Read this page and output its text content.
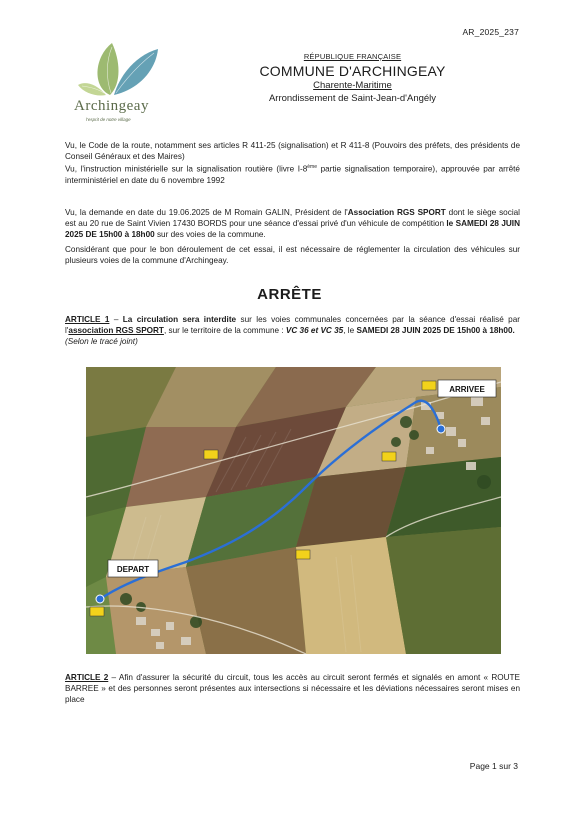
AR_2025_237
Archingeay
l'esprit de notre village
RÉPUBLIQUE FRANÇAISE
COMMUNE D'ARCHINGEAY
Charente-Maritime
Arrondissement de Saint-Jean-d'Angély

Vu, le Code de la route, notamment ses articles R 411-25 (signalisation) et R 411-8 (Pouvoirs des préfets, des présidents de Conseil Généraux et des Maires)

Vu, l'instruction ministérielle sur la signalisation routière (livre I-8ème partie signalisation temporaire), approuvée par arrêté interministériel en date du 6 novembre 1992

Vu, la demande en date du 19.06.2025 de M Romain GALIN, Président de l'Association RGS SPORT dont le siège social est au 20 rue de Saint Vivien 17430 BORDS pour une séance d'essai privé d'un véhicule de compétition le SAMEDI 28 JUIN 2025 DE 15h00 à 18h00 sur des voies de la commune.

Considérant que pour le bon déroulement de cet essai, il est nécessaire de réglementer la circulation des véhicules sur plusieurs voies de la commune d'Archingeay.

ARRÊTE

ARTICLE 1 – La circulation sera interdite sur les voies communales concernées par la séance d'essai réalisé par l'association RGS SPORT, sur le territoire de la commune : VC 36 et VC 35, le SAMEDI 28 JUIN 2025 DE 15h00 à 18h00.

(Selon le tracé joint)

ARRIVEE
DEPART

ARTICLE 2 – Afin d'assurer la sécurité du circuit, tous les accès au circuit seront fermés et signalés en amont « ROUTE BARREE » et des personnes seront présentes aux intersections si nécessaire et les déviations nécessaires seront mises en place

Page 1 sur 3
